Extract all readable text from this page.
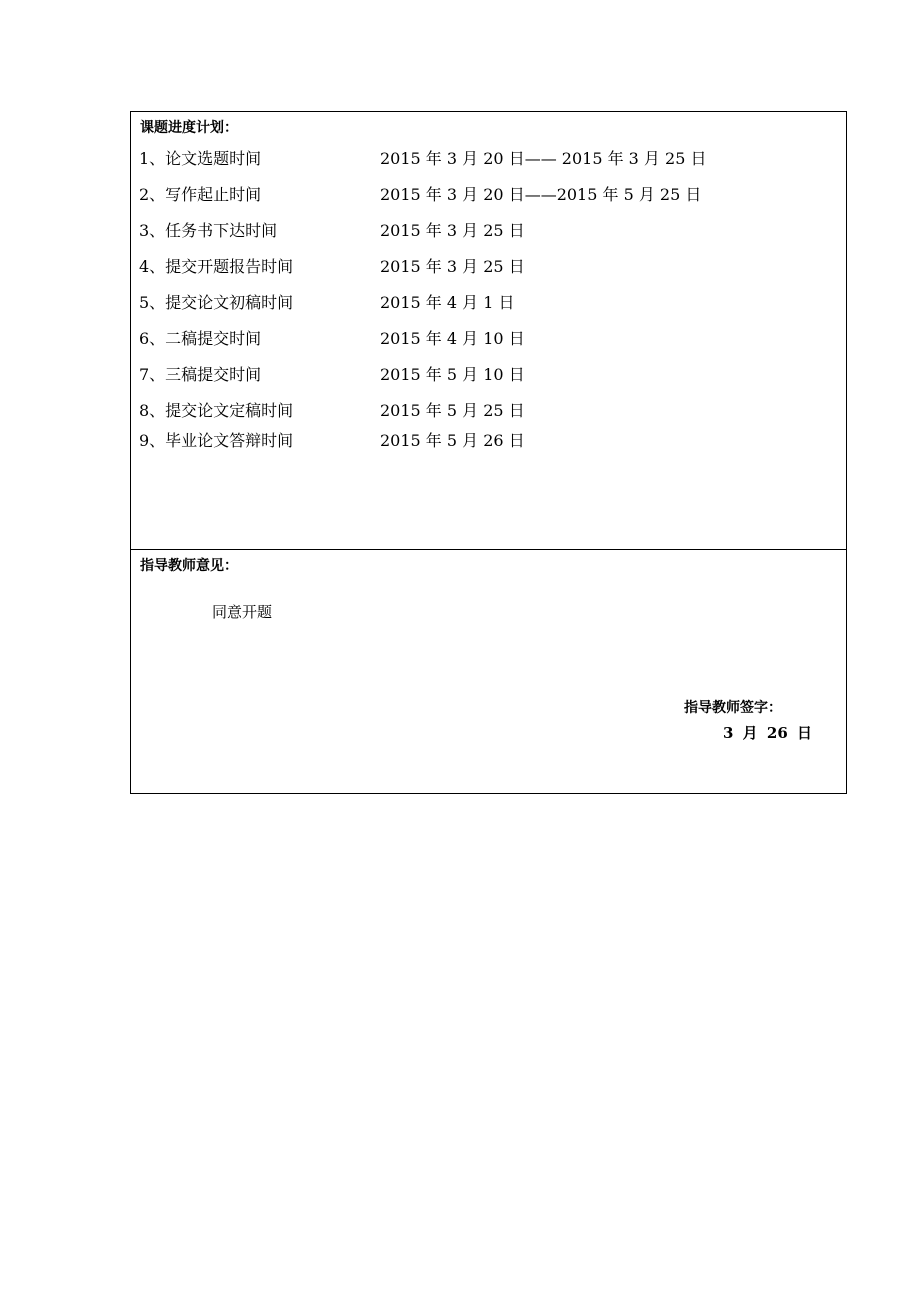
课题进度计划：
1、论文选题时间	2015 年 3 月 20 日—— 2015 年 3 月 25 日
2、写作起止时间	2015 年 3 月 20 日——2015 年 5 月 25 日
3、任务书下达时间	2015 年 3 月 25 日
4、提交开题报告时间	2015 年 3 月 25 日
5、提交论文初稿时间	2015 年 4 月 1 日
6、二稿提交时间	2015 年 4 月 10 日
7、三稿提交时间	2015 年 5 月 10 日
8、提交论文定稿时间	2015 年 5 月 25 日
9、毕业论文答辩时间	2015 年 5 月 26 日
指导教师意见：
同意开题
指导教师签字：
3 月 26 日
